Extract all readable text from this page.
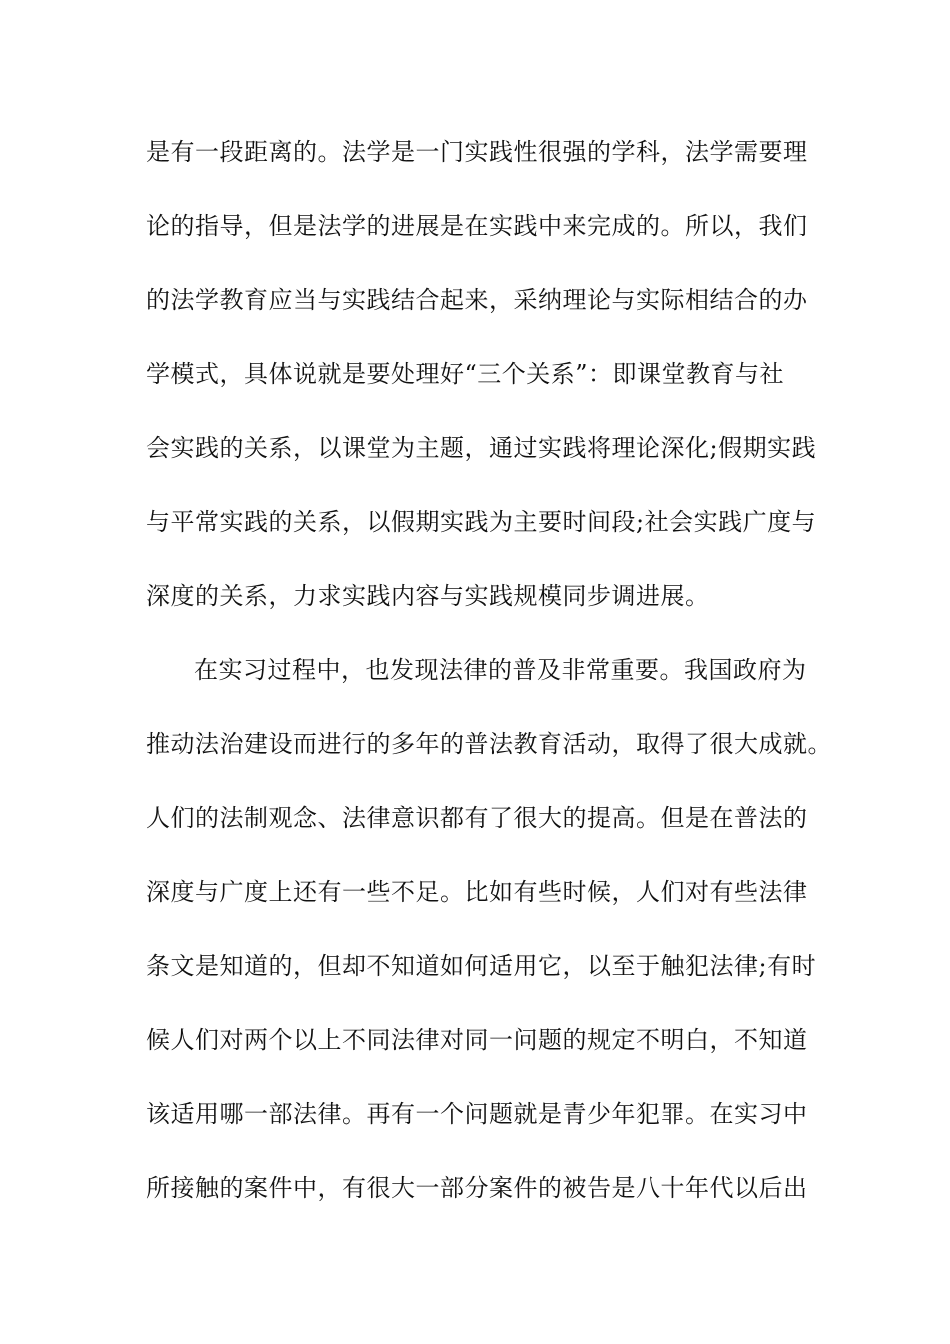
是有一段距离的。法学是一门实践性很强的学科，法学需要理
论的指导，但是法学的进展是在实践中来完成的。所以，我们
的法学教育应当与实践结合起来，采纳理论与实际相结合的办
学模式，具体说就是要处理好“三个关系”：即课堂教育与社
会实践的关系，以课堂为主题，通过实践将理论深化;假期实践
与平常实践的关系，以假期实践为主要时间段;社会实践广度与
深度的关系，力求实践内容与实践规模同步调进展。
在实习过程中，也发现法律的普及非常重要。我国政府为
推动法治建设而进行的多年的普法教育活动，取得了很大成就。
人们的法制观念、法律意识都有了很大的提高。但是在普法的
深度与广度上还有一些不足。比如有些时候，人们对有些法律
条文是知道的，但却不知道如何适用它，以至于触犯法律;有时
候人们对两个以上不同法律对同一问题的规定不明白，不知道
该适用哪一部法律。再有一个问题就是青少年犯罪。在实习中
所接触的案件中，有很大一部分案件的被告是八十年代以后出
